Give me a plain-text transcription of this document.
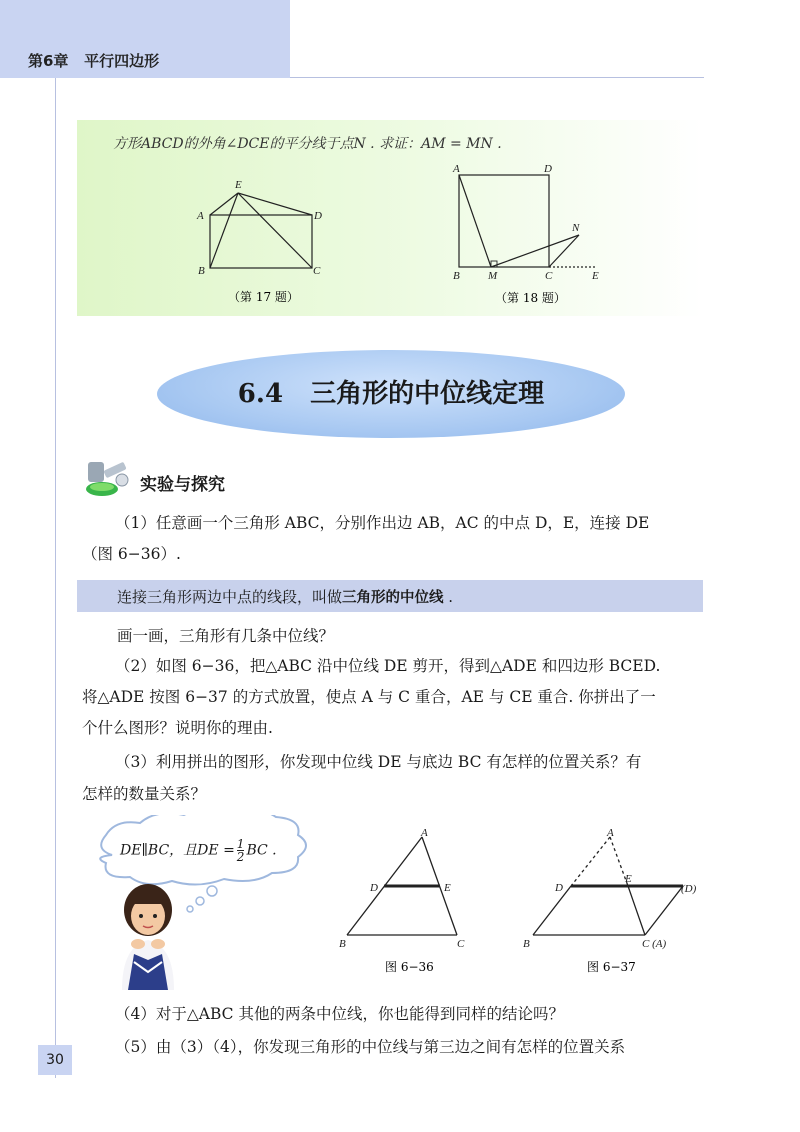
第6章   平行四边形
方形ABCD的外角∠DCE的平分线于点N . 求证：AM = MN .
E
A	D
B	C
（第 17 题）
A	D
N
B	M	C	E
（第 18 题）
6.4   三角形的中位线定理
实验与探究
（1）任意画一个三角形 ABC，分别作出边 AB，AC 的中点 D，E，连接 DE
（图 6−36）.
连接三角形两边中点的线段，叫做三角形的中位线 .
画一画，三角形有几条中位线？
（2）如图 6−36，把△ABC 沿中位线 DE 剪开，得到△ADE 和四边形 BCED.
将△ADE 按图 6−37 的方式放置，使点 A 与 C 重合，AE 与 CE 重合. 你拼出了一
个什么图形？说明你的理由.
（3）利用拼出的图形，你发现中位线 DE 与底边 BC 有怎样的位置关系？有
怎样的数量关系？
DE∥BC，且DE = $\frac{1}{2}$ BC .
A
D	E
B	C
图 6−36
A
D
E
(D)
B	C (A)
图 6−37
（4）对于△ABC 其他的两条中位线，你也能得到同样的结论吗？
（5）由（3）（4），你发现三角形的中位线与第三边之间有怎样的位置关系
30
